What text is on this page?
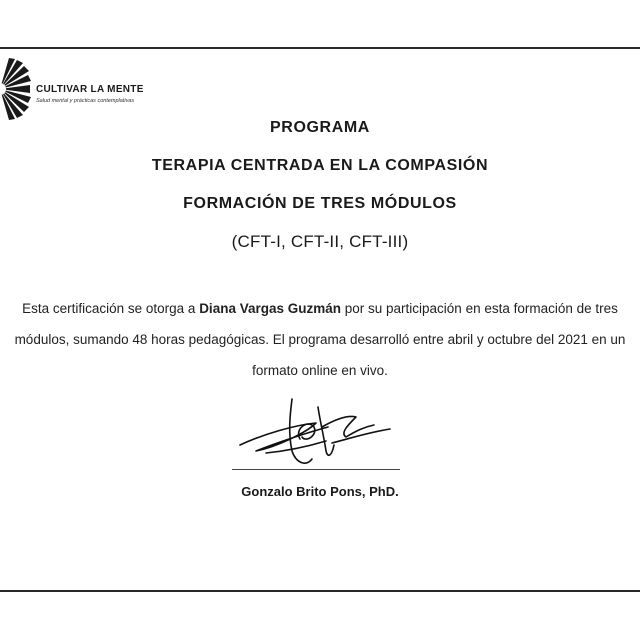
CULTIVAR LA MENTE
Salud mental y prácticas contemplativas
PROGRAMA
TERAPIA CENTRADA EN LA COMPASIÓN
FORMACIÓN DE TRES MÓDULOS
(CFT-I, CFT-II, CFT-III)
Esta certificación se otorga a Diana Vargas Guzmán por su participación en esta formación de tres
módulos, sumando 48 horas pedagógicas. El programa desarrolló entre abril y octubre del 2021 en un
formato online en vivo.
Gonzalo Brito Pons, PhD.
